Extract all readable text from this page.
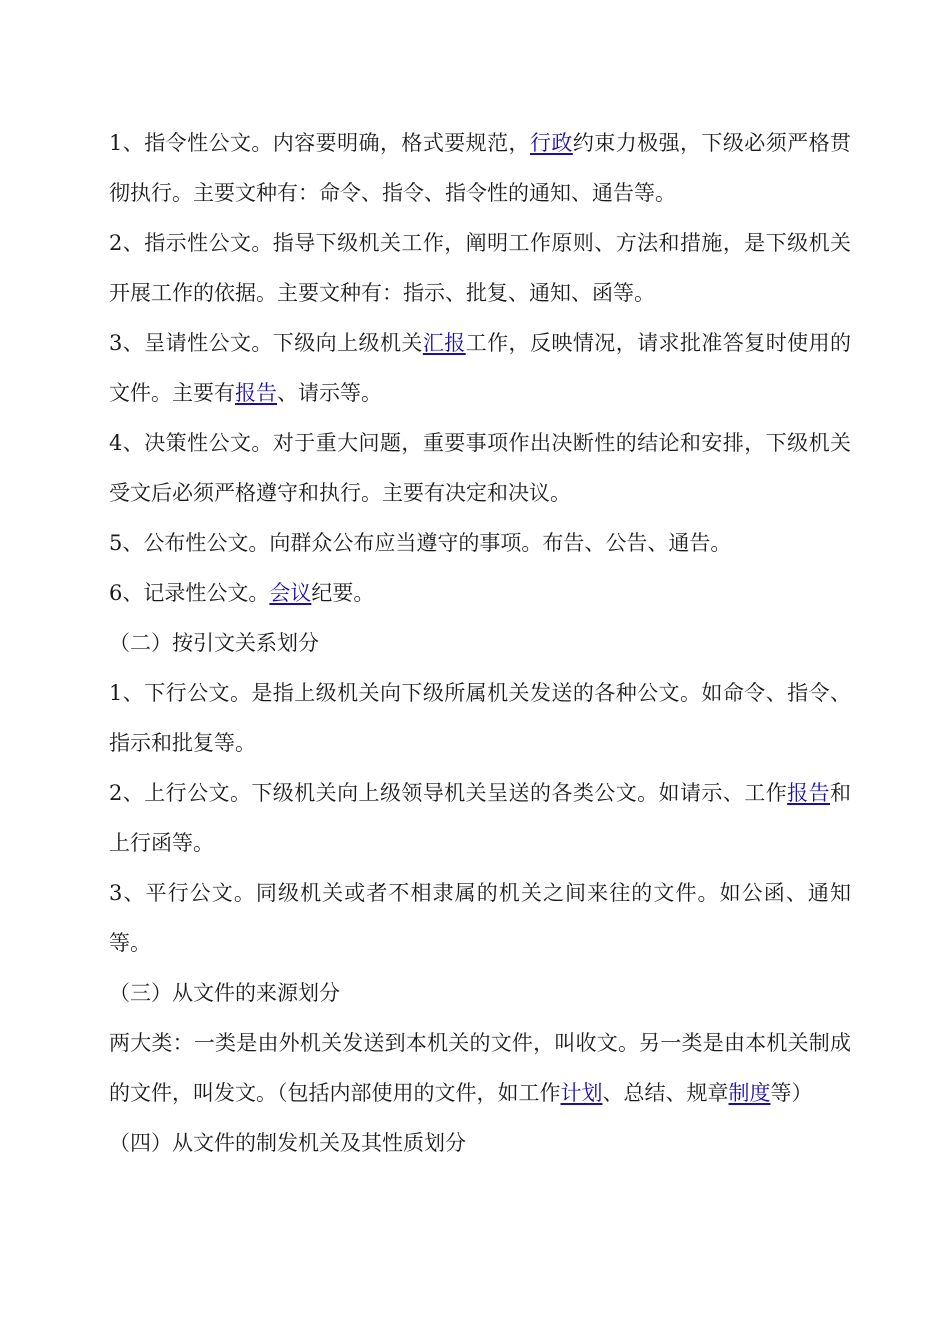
1、指令性公文。内容要明确，格式要规范，行政约束力极强，下级必须严格贯彻执行。主要文种有：命令、指令、指令性的通知、通告等。

2、指示性公文。指导下级机关工作，阐明工作原则、方法和措施，是下级机关开展工作的依据。主要文种有：指示、批复、通知、函等。

3、呈请性公文。下级向上级机关汇报工作，反映情况，请求批准答复时使用的文件。主要有报告、请示等。

4、决策性公文。对于重大问题，重要事项作出决断性的结论和安排，下级机关受文后必须严格遵守和执行。主要有决定和决议。

5、公布性公文。向群众公布应当遵守的事项。布告、公告、通告。

6、记录性公文。会议纪要。

（二）按引文关系划分

1、下行公文。是指上级机关向下级所属机关发送的各种公文。如命令、指令、指示和批复等。

2、上行公文。下级机关向上级领导机关呈送的各类公文。如请示、工作报告和上行函等。

3、平行公文。同级机关或者不相隶属的机关之间来往的文件。如公函、通知等。

（三）从文件的来源划分

两大类：一类是由外机关发送到本机关的文件，叫收文。另一类是由本机关制成的文件，叫发文。（包括内部使用的文件，如工作计划、总结、规章制度等）

（四）从文件的制发机关及其性质划分
